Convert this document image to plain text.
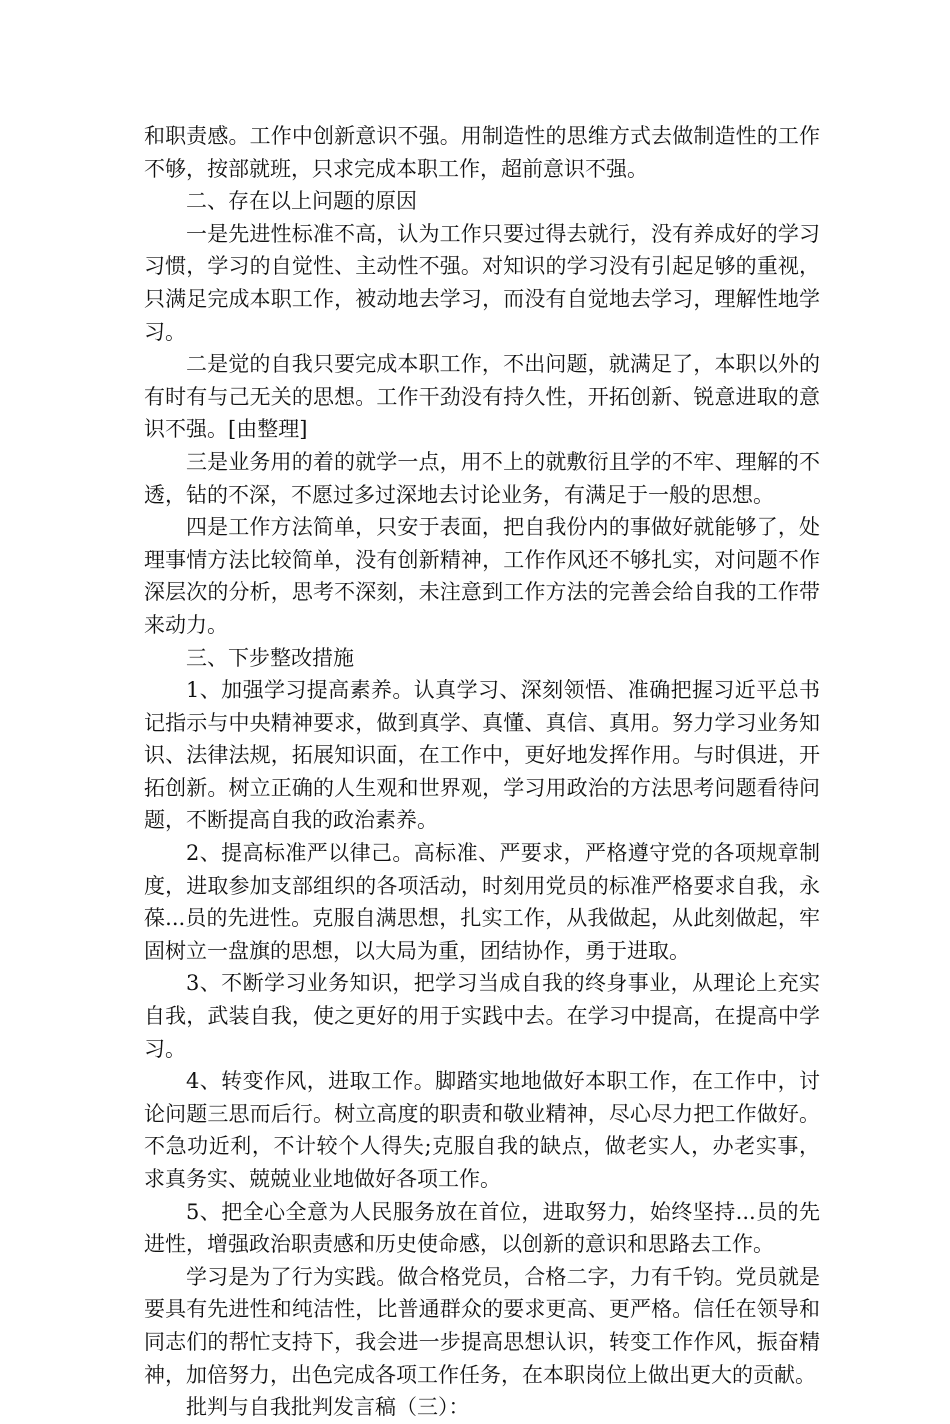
和职责感。工作中创新意识不强。用制造性的思维方式去做制造性的工作不够，按部就班，只求完成本职工作，超前意识不强。

二、存在以上问题的原因

一是先进性标准不高，认为工作只要过得去就行，没有养成好的学习习惯，学习的自觉性、主动性不强。对知识的学习没有引起足够的重视，只满足完成本职工作，被动地去学习，而没有自觉地去学习，理解性地学习。

二是觉的自我只要完成本职工作，不出问题，就满足了，本职以外的有时有与己无关的思想。工作干劲没有持久性，开拓创新、锐意进取的意识不强。[由整理]

三是业务用的着的就学一点，用不上的就敷衍且学的不牢、理解的不透，钻的不深，不愿过多过深地去讨论业务，有满足于一般的思想。

四是工作方法简单，只安于表面，把自我份内的事做好就能够了，处理事情方法比较简单，没有创新精神，工作作风还不够扎实，对问题不作深层次的分析，思考不深刻，未注意到工作方法的完善会给自我的工作带来动力。

三、下步整改措施

1、加强学习提高素养。认真学习、深刻领悟、准确把握习近平总书记指示与中央精神要求，做到真学、真懂、真信、真用。努力学习业务知识、法律法规，拓展知识面，在工作中，更好地发挥作用。与时俱进，开拓创新。树立正确的人生观和世界观，学习用政治的方法思考问题看待问题，不断提高自我的政治素养。

2、提高标准严以律己。高标准、严要求，严格遵守党的各项规章制度，进取参加支部组织的各项活动，时刻用党员的标准严格要求自我，永葆...员的先进性。克服自满思想，扎实工作，从我做起，从此刻做起，牢固树立一盘旗的思想，以大局为重，团结协作，勇于进取。

3、不断学习业务知识，把学习当成自我的终身事业，从理论上充实自我，武装自我，使之更好的用于实践中去。在学习中提高，在提高中学习。

4、转变作风，进取工作。脚踏实地地做好本职工作，在工作中，讨论问题三思而后行。树立高度的职责和敬业精神，尽心尽力把工作做好。不急功近利，不计较个人得失;克服自我的缺点，做老实人，办老实事，求真务实、兢兢业业地做好各项工作。

5、把全心全意为人民服务放在首位，进取努力，始终坚持...员的先进性，增强政治职责感和历史使命感，以创新的意识和思路去工作。

学习是为了行为实践。做合格党员，合格二字，力有千钧。党员就是要具有先进性和纯洁性，比普通群众的要求更高、更严格。信任在领导和同志们的帮忙支持下，我会进一步提高思想认识，转变工作作风，振奋精神，加倍努力，出色完成各项工作任务，在本职岗位上做出更大的贡献。

批判与自我批判发言稿（三）：
